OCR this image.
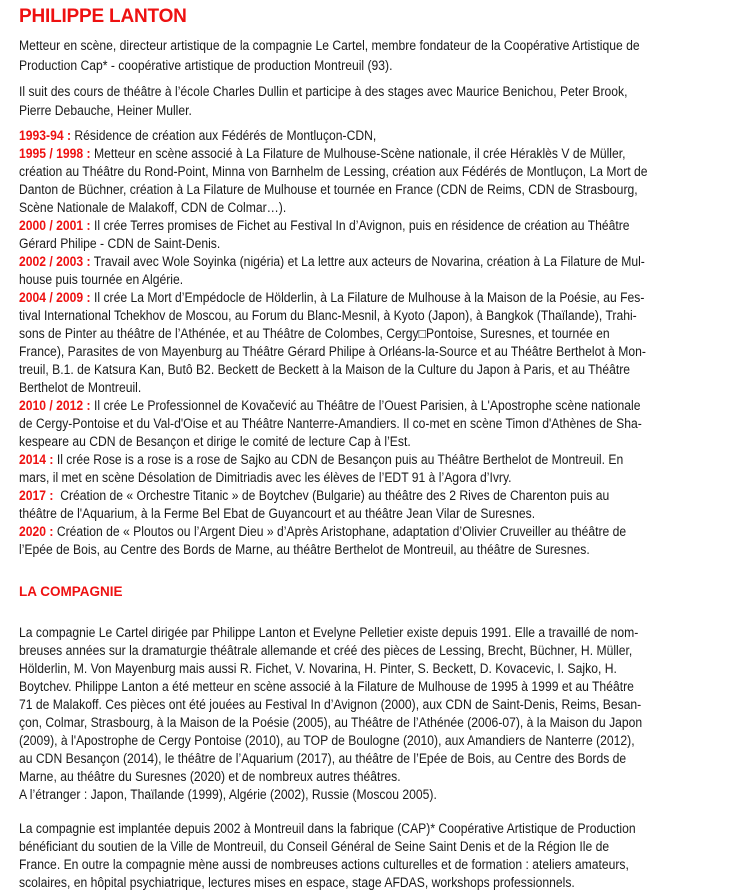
PHILIPPE LANTON
Metteur en scène, directeur artistique de la compagnie Le Cartel, membre fondateur de la Coopérative Artistique de
Production Cap* - coopérative artistique de production Montreuil (93).
Il suit des cours de théâtre à l’école Charles Dullin et participe à des stages avec Maurice Benichou, Peter Brook,
Pierre Debauche, Heiner Muller.
1993-94 : Résidence de création aux Fédérés de Montluçon-CDN,
1995 / 1998 : Metteur en scène associé à La Filature de Mulhouse-Scène nationale, il crée Héraklès V de Müller,
création au Théâtre du Rond-Point, Minna von Barnhelm de Lessing, création aux Fédérés de Montluçon, La Mort de
Danton de Büchner, création à La Filature de Mulhouse et tournée en France (CDN de Reims, CDN de Strasbourg,
Scène Nationale de Malakoff, CDN de Colmar…).
2000 / 2001 : Il crée Terres promises de Fichet au Festival In d’Avignon, puis en résidence de création au Théâtre
Gérard Philipe - CDN de Saint-Denis.
2002 / 2003 : Travail avec Wole Soyinka (nigéria) et La lettre aux acteurs de Novarina, création à La Filature de Mul-
house puis tournée en Algérie.
2004 / 2009 : Il crée La Mort d’Empédocle de Hölderlin, à La Filature de Mulhouse à la Maison de la Poésie, au Fes-
tival International Tchekhov de Moscou, au Forum du Blanc-Mesnil, à Kyoto (Japon), à Bangkok (Thaïlande), Trahi-
sons de Pinter au théâtre de l’Athénée, et au Théâtre de Colombes, Cergy□Pontoise, Suresnes, et tournée en
France), Parasites de von Mayenburg au Théâtre Gérard Philipe à Orléans-la-Source et au Théâtre Berthelot à Mon-
treuil, B.1. de Katsura Kan, Butô B2. Beckett de Beckett à la Maison de la Culture du Japon à Paris, et au Théâtre
Berthelot de Montreuil.
2010 / 2012 : Il crée Le Professionnel de Kovačević au Théâtre de l’Ouest Parisien, à L'Apostrophe scène nationale
de Cergy-Pontoise et du Val-d'Oise et au Théâtre Nanterre-Amandiers. Il co-met en scène Timon d'Athènes de Sha-
kespeare au CDN de Besançon et dirige le comité de lecture Cap à l’Est.
2014 : Il crée Rose is a rose is a rose de Sajko au CDN de Besançon puis au Théâtre Berthelot de Montreuil. En
mars, il met en scène Désolation de Dimitriadis avec les élèves de l’EDT 91 à l’Agora d’Ivry.
2017 :  Création de « Orchestre Titanic » de Boytchev (Bulgarie) au théâtre des 2 Rives de Charenton puis au
théâtre de l'Aquarium, à la Ferme Bel Ebat de Guyancourt et au théâtre Jean Vilar de Suresnes.
2020 : Création de « Ploutos ou l’Argent Dieu » d’Après Aristophane, adaptation d’Olivier Cruveiller au théâtre de
l’Epée de Bois, au Centre des Bords de Marne, au théâtre Berthelot de Montreuil, au théâtre de Suresnes.
LA COMPAGNIE
La compagnie Le Cartel dirigée par Philippe Lanton et Evelyne Pelletier existe depuis 1991. Elle a travaillé de nom-
breuses années sur la dramaturgie théâtrale allemande et créé des pièces de Lessing, Brecht, Büchner, H. Müller,
Hölderlin, M. Von Mayenburg mais aussi R. Fichet, V. Novarina, H. Pinter, S. Beckett, D. Kovacevic, I. Sajko, H.
Boytchev. Philippe Lanton a été metteur en scène associé à la Filature de Mulhouse de 1995 à 1999 et au Théâtre
71 de Malakoff. Ces pièces ont été jouées au Festival In d’Avignon (2000), aux CDN de Saint-Denis, Reims, Besan-
çon, Colmar, Strasbourg, à la Maison de la Poésie (2005), au Théâtre de l’Athénée (2006-07), à la Maison du Japon
(2009), à l'Apostrophe de Cergy Pontoise (2010), au TOP de Boulogne (2010), aux Amandiers de Nanterre (2012),
au CDN Besançon (2014), le théâtre de l’Aquarium (2017), au théâtre de l’Epée de Bois, au Centre des Bords de
Marne, au théâtre du Suresnes (2020) et de nombreux autres théâtres.
A l’étranger : Japon, Thaïlande (1999), Algérie (2002), Russie (Moscou 2005).
La compagnie est implantée depuis 2002 à Montreuil dans la fabrique (CAP)* Coopérative Artistique de Production
bénéficiant du soutien de la Ville de Montreuil, du Conseil Général de Seine Saint Denis et de la Région Ile de
France. En outre la compagnie mène aussi de nombreuses actions culturelles et de formation : ateliers amateurs,
scolaires, en hôpital psychiatrique, lectures mises en espace, stage AFDAS, workshops professionnels.
